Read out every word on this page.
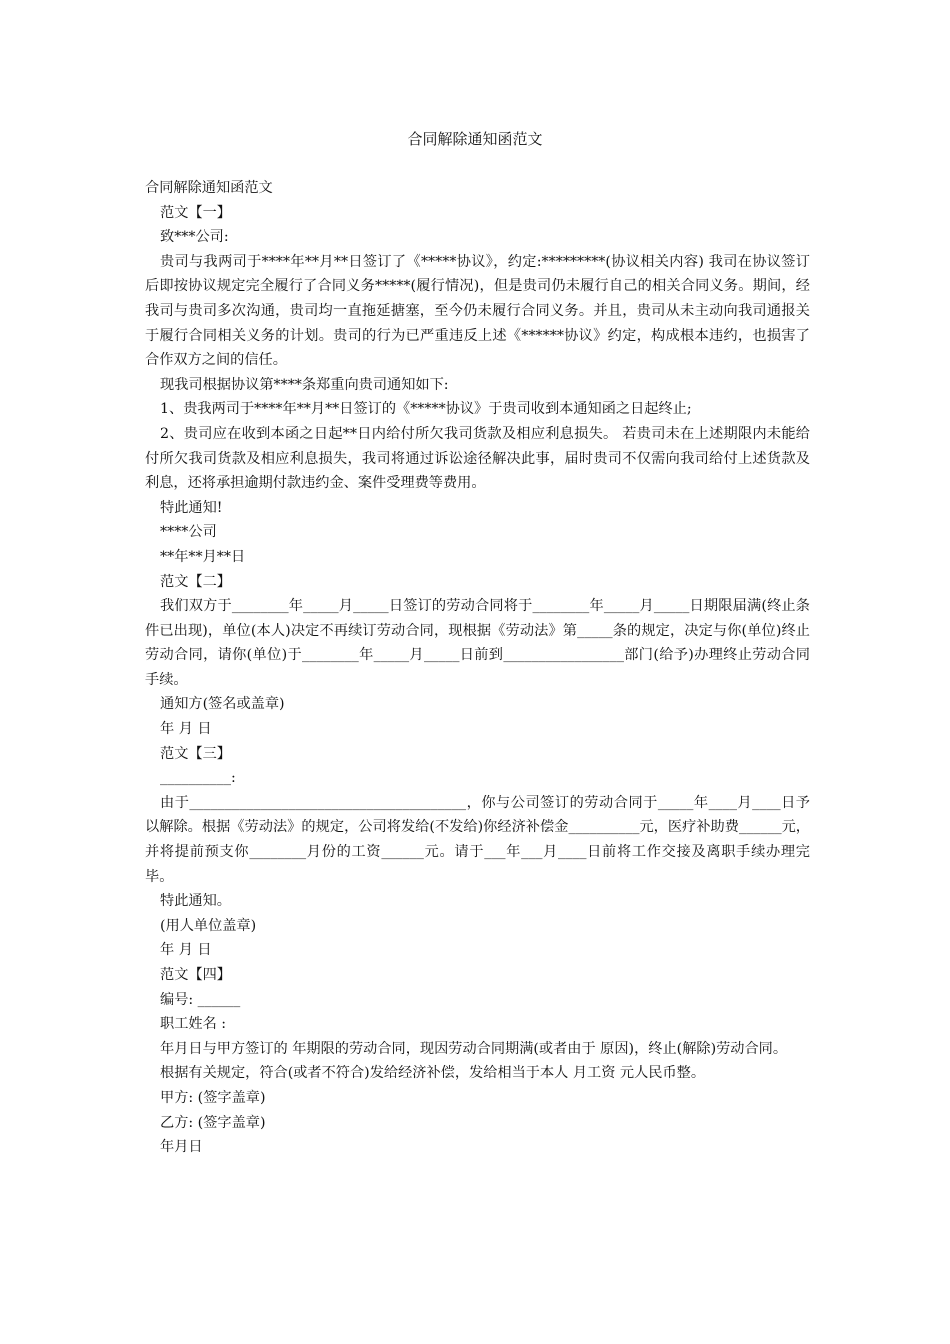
合同解除通知函范文

合同解除通知函范文

范文【一】

致***公司:

贵司与我两司于****年**月**日签订了《*****协议》，约定:*********(协议相关内容) 我司在协议签订后即按协议规定完全履行了合同义务*****(履行情况)，但是贵司仍未履行自己的相关合同义务。期间，经我司与贵司多次沟通，贵司均一直拖延搪塞，至今仍未履行合同义务。并且，贵司从未主动向我司通报关于履行合同相关义务的计划。贵司的行为已严重违反上述《******协议》约定，构成根本违约，也损害了合作双方之间的信任。

现我司根据协议第****条郑重向贵司通知如下:

1、贵我两司于****年**月**日签订的《*****协议》于贵司收到本通知函之日起终止;

2、贵司应在收到本函之日起**日内给付所欠我司货款及相应利息损失。 若贵司未在上述期限内未能给付所欠我司货款及相应利息损失，我司将通过诉讼途径解决此事，届时贵司不仅需向我司给付上述货款及利息，还将承担逾期付款违约金、案件受理费等费用。

特此通知!

****公司

**年**月**日

范文【二】

我们双方于________年_____月_____日签订的劳动合同将于________年_____月_____日期限届满(终止条件已出现)，单位(本人)决定不再续订劳动合同，现根据《劳动法》第_____条的规定，决定与你(单位)终止劳动合同，请你(单位)于________年_____月_____日前到_________________部门(给予)办理终止劳动合同手续。

通知方(签名或盖章)

年 月 日

范文【三】

__________:

由于_______________________________________，你与公司签订的劳动合同于_____年____月____日予以解除。根据《劳动法》的规定，公司将发给(不发给)你经济补偿金__________元，医疗补助费______元，并将提前预支你________月份的工资______元。请于___年___月____日前将工作交接及离职手续办理完毕。

特此通知。

(用人单位盖章)

年 月 日

范文【四】

编号: ______

职工姓名 :

年月日与甲方签订的 年期限的劳动合同，现因劳动合同期满(或者由于 原因)，终止(解除)劳动合同。

根据有关规定，符合(或者不符合)发给经济补偿，发给相当于本人 月工资 元人民币整。

甲方: (签字盖章)

乙方: (签字盖章)

年月日
